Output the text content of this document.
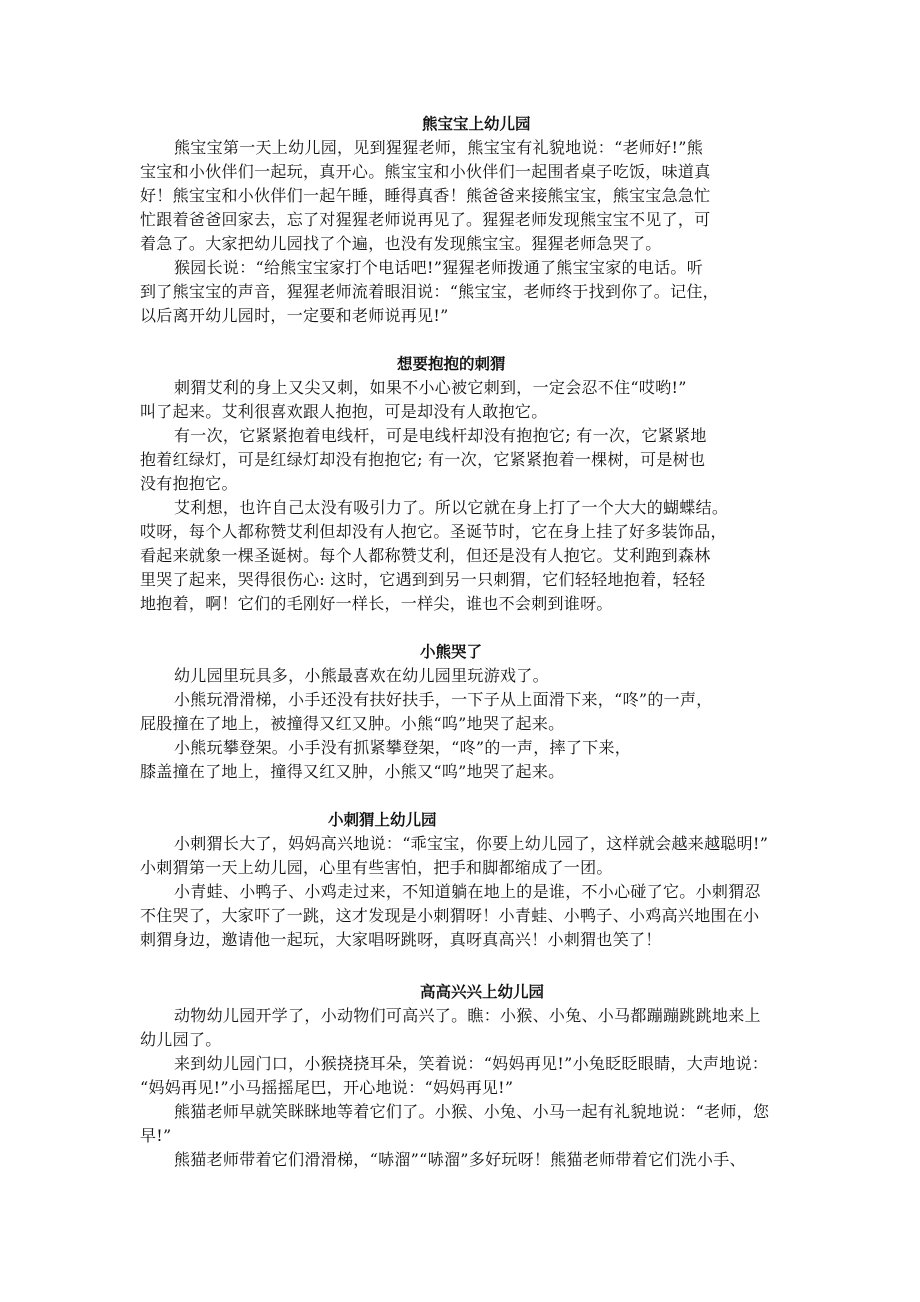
熊宝宝上幼儿园
熊宝宝第一天上幼儿园，见到猩猩老师，熊宝宝有礼貌地说：“老师好!”熊
宝宝和小伙伴们一起玩，真开心。熊宝宝和小伙伴们一起围者桌子吃饭，味道真
好！熊宝宝和小伙伴们一起午睡，睡得真香！熊爸爸来接熊宝宝，熊宝宝急急忙
忙跟着爸爸回家去，忘了对猩猩老师说再见了。猩猩老师发现熊宝宝不见了，可
着急了。大家把幼儿园找了个遍，也没有发现熊宝宝。猩猩老师急哭了。
猴园长说：“给熊宝宝家打个电话吧!”猩猩老师拨通了熊宝宝家的电话。听
到了熊宝宝的声音，猩猩老师流着眼泪说：“熊宝宝，老师终于找到你了。记住，
以后离开幼儿园时，一定要和老师说再见!”
想要抱抱的刺猬
刺猬艾利的身上又尖又刺，如果不小心被它刺到，一定会忍不住“哎哟!”
叫了起来。艾利很喜欢跟人抱抱，可是却没有人敢抱它。
有一次，它紧紧抱着电线杆，可是电线杆却没有抱抱它; 有一次，它紧紧地
抱着红绿灯，可是红绿灯却没有抱抱它; 有一次，它紧紧抱着一棵树，可是树也
没有抱抱它。
艾利想，也许自己太没有吸引力了。所以它就在身上打了一个大大的蝴蝶结。
哎呀，每个人都称赞艾利但却没有人抱它。圣诞节时，它在身上挂了好多装饰品，
看起来就象一棵圣诞树。每个人都称赞艾利，但还是没有人抱它。艾利跑到森林
里哭了起来，哭得很伤心: 这时，它遇到到另一只刺猬，它们轻轻地抱着，轻轻
地抱着，啊！它们的毛刚好一样长，一样尖，谁也不会刺到谁呀。
小熊哭了
幼儿园里玩具多，小熊最喜欢在幼儿园里玩游戏了。
小熊玩滑滑梯，小手还没有扶好扶手，一下子从上面滑下来，“咚”的一声，
屁股撞在了地上，被撞得又红又肿。小熊“呜”地哭了起来。
小熊玩攀登架。小手没有抓紧攀登架，“咚”的一声，摔了下来，
膝盖撞在了地上，撞得又红又肿，小熊又“呜”地哭了起来。
小刺猬上幼儿园
小刺猬长大了，妈妈高兴地说：“乖宝宝，你要上幼儿园了，这样就会越来越聪明!”
小刺猬第一天上幼儿园，心里有些害怕，把手和脚都缩成了一团。
小青蛙、小鸭子、小鸡走过来，不知道躺在地上的是谁，不小心碰了它。小刺猬忍
不住哭了，大家吓了一跳，这才发现是小刺猬呀！小青蛙、小鸭子、小鸡高兴地围在小
刺猬身边，邀请他一起玩，大家唱呀跳呀，真呀真高兴！小刺猬也笑了！
高高兴兴上幼儿园
动物幼儿园开学了，小动物们可高兴了。瞧：小猴、小兔、小马都蹦蹦跳跳地来上
幼儿园了。
来到幼儿园门口，小猴挠挠耳朵，笑着说：“妈妈再见!”小兔眨眨眼睛，大声地说：
“妈妈再见!”小马摇摇尾巴，开心地说：“妈妈再见!”
熊猫老师早就笑眯眯地等着它们了。小猴、小兔、小马一起有礼貌地说：“老师，您
早!”
熊猫老师带着它们滑滑梯，“哧溜”“哧溜”多好玩呀！熊猫老师带着它们洗小手、
